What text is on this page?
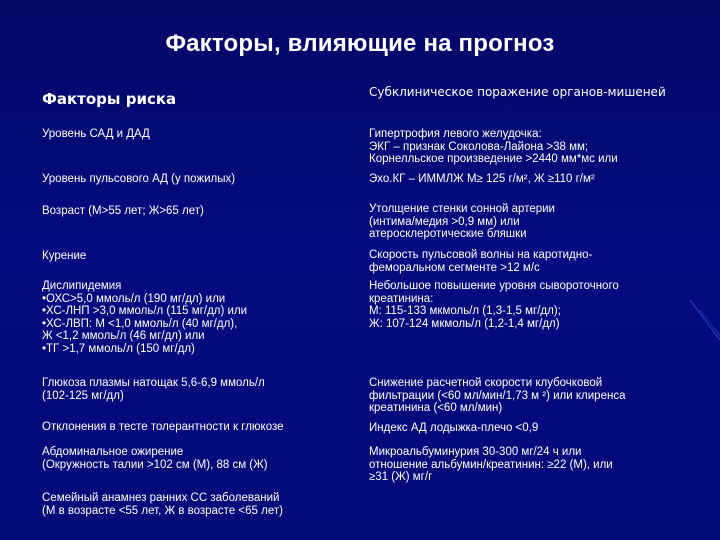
Факторы, влияющие на прогноз
Факторы риска	Субклиническое поражение органов-мишеней
Уровень САД и ДАД
Уровень пульсового АД (у пожилых)
Возраст (М>55 лет; Ж>65 лет)
Курение
Дислипидемия
•ОХС>5,0 ммоль/л (190 мг/дл) или
•ХС-ЛНП >3,0 ммоль/л (115 мг/дл) или
•ХС-ЛВП: М <1,0 ммоль/л (40 мг/дл),
Ж <1,2 ммоль/л (46 мг/дл) или
•ТГ >1,7 ммоль/л (150 мг/дл)
Глюкоза плазмы натощак 5,6-6,9 ммоль/л
(102-125 мг/дл)
Отклонения в тесте толерантности к глюкозе
Абдоминальное ожирение
(Окружность талии >102 см (М), 88 см (Ж)
Семейный анамнез ранних СС заболеваний
(М в возрасте <55 лет, Ж в возрасте <65 лет)
Гипертрофия левого желудочка:
ЭКГ – признак Соколова-Лайона >38 мм;
Корнелльское произведение >2440 мм*мс или
Эхо.КГ – ИММЛЖ М≥ 125 г/м², Ж ≥110 г/м²
Утолщение стенки сонной артерии
(интима/медия >0,9 мм) или
атеросклеротические бляшки
Скорость пульсовой волны на каротидно-
феморальном сегменте >12 м/с
Небольшое повышение уровня сывороточного
креатинина:
М: 115-133 мкмоль/л (1,3-1,5 мг/дл);
Ж: 107-124 мкмоль/л (1,2-1,4 мг/дл)
Снижение расчетной скорости клубочковой
фильтрации (<60 мл/мин/1,73 м ²) или клиренса
креатинина (<60 мл/мин)
Индекс АД лодыжка-плечо <0,9
Микроальбуминурия 30-300 мг/24 ч или
отношение альбумин/креатинин: ≥22 (М), или
≥31 (Ж) мг/г
